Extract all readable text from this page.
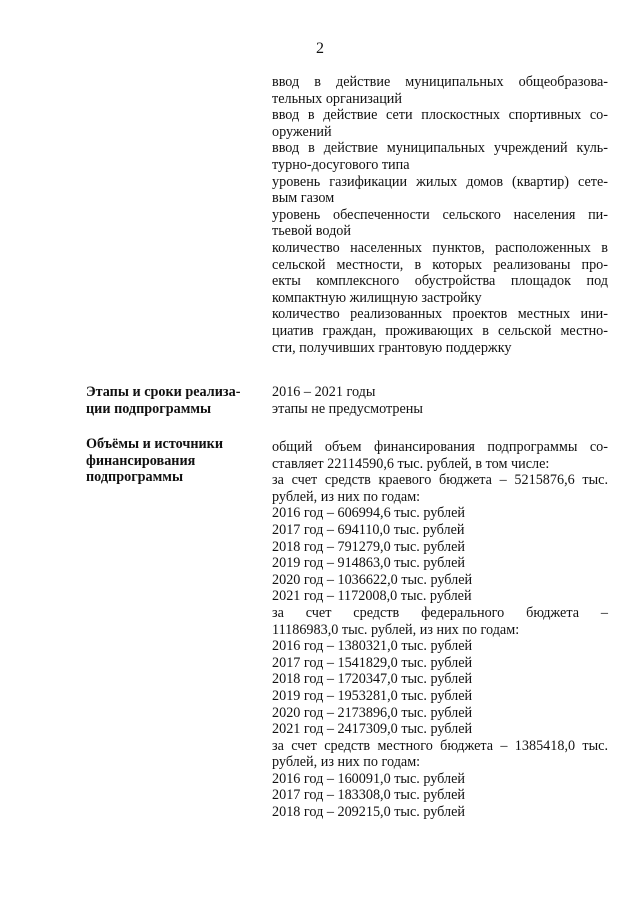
2
ввод в действие муниципальных общеобразова-
тельных организаций
ввод в действие сети плоскостных спортивных со-
оружений
ввод в действие муниципальных учреждений куль-
турно-досугового типа
уровень газификации жилых домов (квартир) сете-
вым газом
уровень обеспеченности сельского населения пи-
тьевой водой
количество населенных пунктов, расположенных в
сельской местности, в которых реализованы про-
екты комплексного обустройства площадок под
компактную жилищную застройку
количество реализованных проектов местных ини-
циатив граждан, проживающих в сельской местно-
сти, получивших грантовую поддержку
Этапы и сроки реализа-
ции подпрограммы
2016 – 2021 годы
этапы не предусмотрены
Объёмы и источники
финансирования
подпрограммы
общий объем финансирования подпрограммы со-
ставляет 22114590,6 тыс. рублей, в том числе:
за счет средств краевого бюджета – 5215876,6 тыс.
рублей, из них по годам:
2016 год – 606994,6 тыс. рублей
2017 год – 694110,0 тыс. рублей
2018 год – 791279,0 тыс. рублей
2019 год – 914863,0 тыс. рублей
2020 год – 1036622,0 тыс. рублей
2021 год – 1172008,0 тыс. рублей
за счет средств федерального бюджета –
11186983,0 тыс. рублей, из них по годам:
2016 год – 1380321,0 тыс. рублей
2017 год – 1541829,0 тыс. рублей
2018 год – 1720347,0 тыс. рублей
2019 год – 1953281,0 тыс. рублей
2020 год – 2173896,0 тыс. рублей
2021 год – 2417309,0 тыс. рублей
за счет средств местного бюджета – 1385418,0 тыс.
рублей, из них по годам:
2016 год – 160091,0 тыс. рублей
2017 год – 183308,0 тыс. рублей
2018 год – 209215,0 тыс. рублей
